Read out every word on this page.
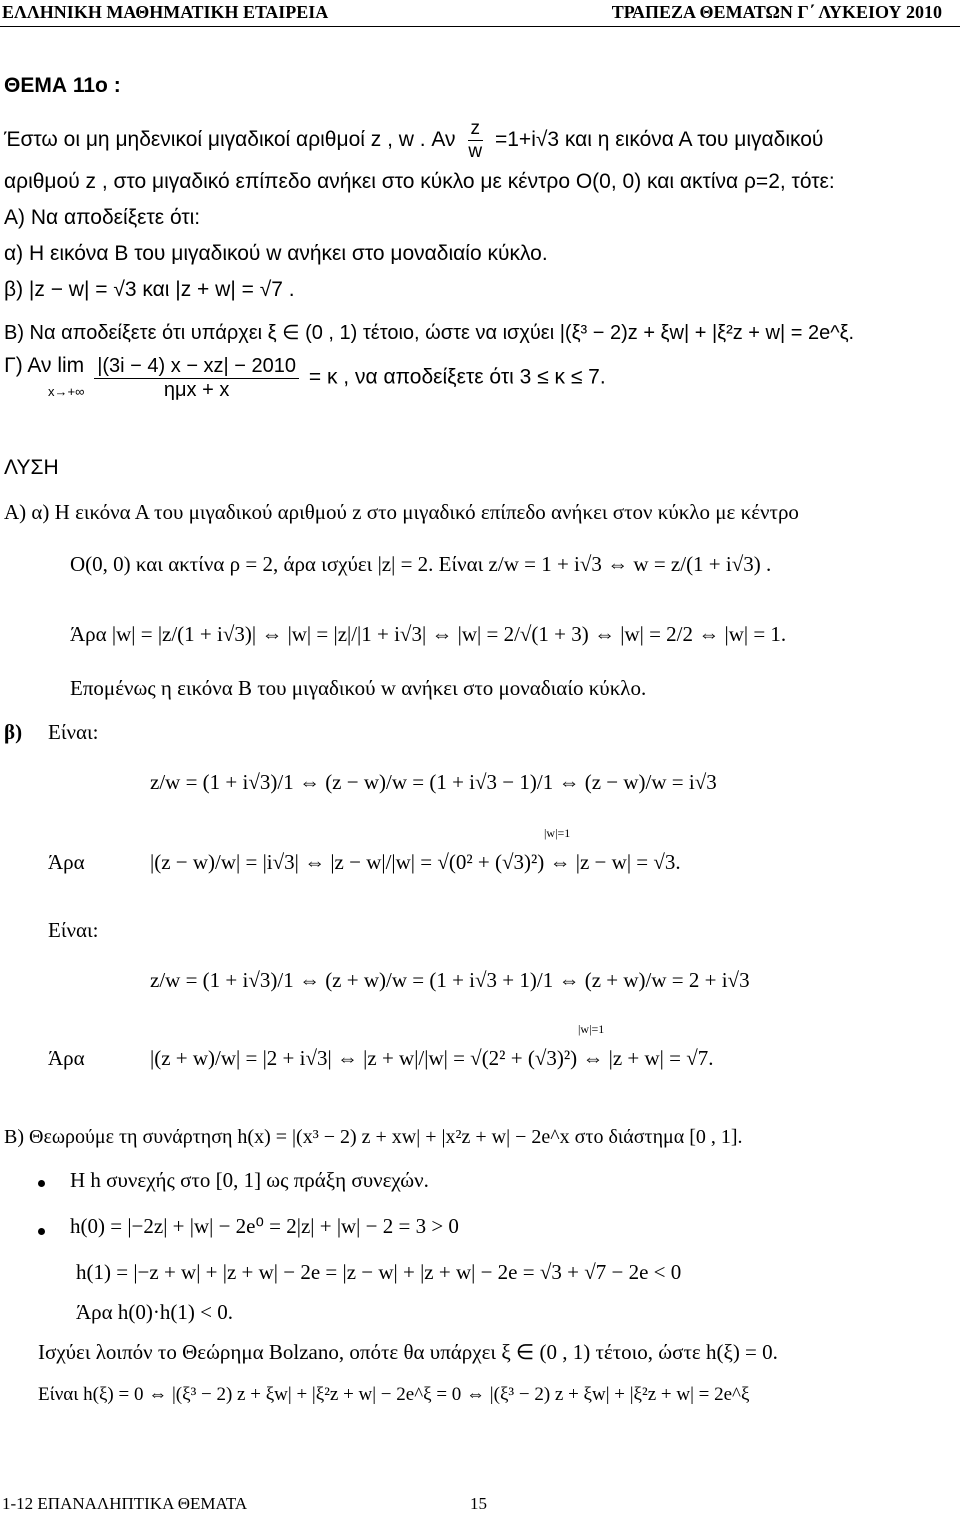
ΕΛΛΗΝΙΚΗ ΜΑΘΗΜΑΤΙΚΗ ΕΤΑΙΡΕΙΑ	ΤΡΑΠΕΖΑ ΘΕΜΑΤΩΝ Γ΄ ΛΥΚΕΙΟΥ 2010
ΘΕΜΑ 11ο :
Έστω οι μη μηδενικοί μιγαδικοί αριθμοί z , w . Αν $\frac{z}{w} =1+i√3$ και η εικόνα Α του μιγαδικού
αριθμού z , στο μιγαδικό επίπεδο ανήκει στο κύκλο με κέντρο Ο(0, 0) και ακτίνα ρ=2, τότε:
Α) Να αποδείξετε ότι:
α) Η εικόνα Β του μιγαδικού w ανήκει στο μοναδιαίο κύκλο.
β) |z − w| = √3 και |z + w| = √7 .
Β) Να αποδείξετε ότι υπάρχει ξ ∈ (0 , 1) τέτοιο, ώστε να ισχύει |(ξ³ − 2)z + ξw| + |ξ²z + w| = 2e^ξ.
Γ) Αν lim
$x\to+\infty \frac{|(3i - 4) x - xz| - 2010}{\text{ημx + x}} = \kappa$ , να αποδείξετε ότι 3 ≤ κ ≤ 7.
ΛΥΣΗ
Α) α) Η εικόνα Α του μιγαδικού αριθμού z στο μιγαδικό επίπεδο ανήκει στον κύκλο με κέντρο
Ο(0, 0) και ακτίνα ρ = 2, άρα ισχύει |z| = 2. Είναι z/w = 1 + i√3 ⇔ w = z/(1 + i√3) .
Άρα |w| = |z/(1 + i√3)| ⇔ |w| = |z|/|1 + i√3| ⇔ |w| = 2/√(1 + 3) ⇔ |w| = 2/2 ⇔ |w| = 1.
Επομένως η εικόνα Β του μιγαδικού w ανήκει στο μοναδιαίο κύκλο.
β) Είναι:
z/w = (1 + i√3)/1 ⇔ (z − w)/w = (1 + i√3 − 1)/1 ⇔ (z − w)/w = i√3
Άρα
|w|=1
|(z − w)/w| = |i√3| ⇔ |z − w|/|w| = √(0² + (√3)²) ⇔ |z − w| = √3.
Είναι:
z/w = (1 + i√3)/1 ⇔ (z + w)/w = (1 + i√3 + 1)/1 ⇔ (z + w)/w = 2 + i√3
Άρα
|w|=1
|(z + w)/w| = |2 + i√3| ⇔ |z + w|/|w| = √(2² + (√3)²) ⇔ |z + w| = √7.
Β) Θεωρούμε τη συνάρτηση h(x) = |(x³ − 2) z + xw| + |x²z + w| − 2e^x στο διάστημα [0 , 1].
Η h συνεχής στο [0, 1] ως πράξη συνεχών.
h(0) = |−2z| + |w| − 2e⁰ = 2|z| + |w| − 2 = 3 > 0
h(1) = |−z + w| + |z + w| − 2e = |z − w| + |z + w| − 2e = √3 + √7 − 2e < 0
Άρα h(0)·h(1) < 0.
Ισχύει λοιπόν το Θεώρημα Bolzano, οπότε θα υπάρχει ξ ∈ (0 , 1) τέτοιο, ώστε h(ξ) = 0.
Είναι h(ξ) = 0 ⇔ |(ξ³ − 2) z + ξw| + |ξ²z + w| − 2e^ξ = 0 ⇔ |(ξ³ − 2) z + ξw| + |ξ²z + w| = 2e^ξ
1-12 ΕΠΑΝΑΛΗΠΤΙΚΑ ΘΕΜΑΤΑ	15
